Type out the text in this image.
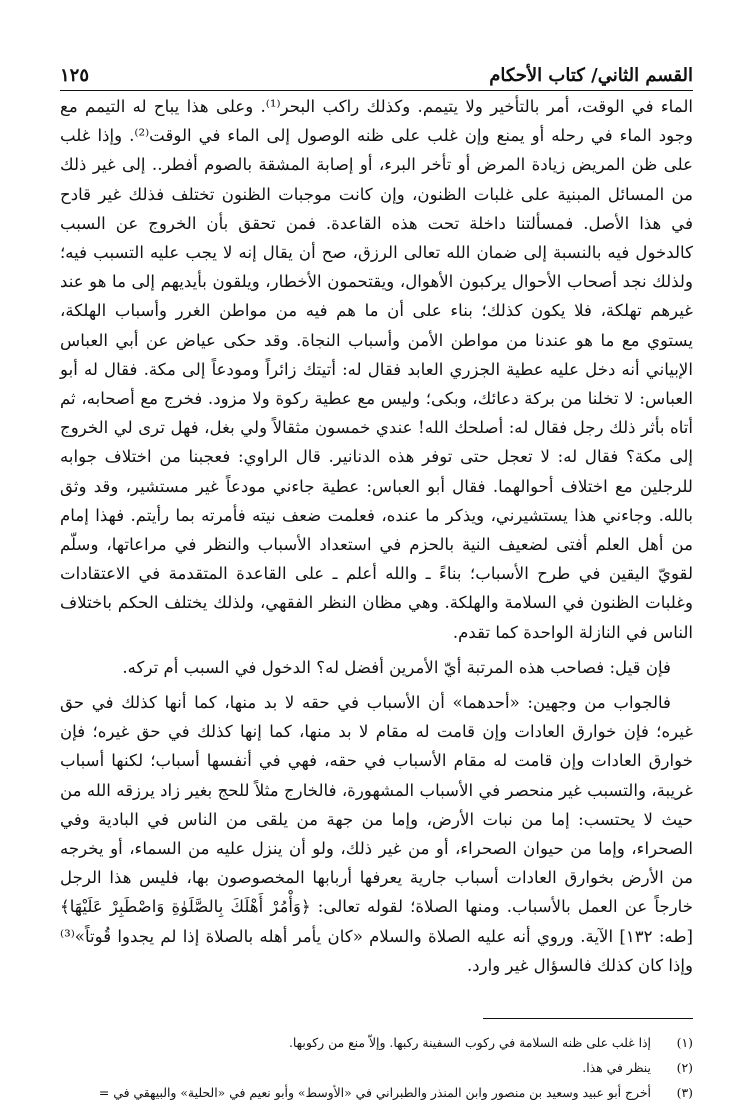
القسم الثاني/ كتاب الأحكام
١٢٥

الماء في الوقت، أمر بالتأخير ولا يتيمم. وكذلك راكب البحر⁽¹⁾. وعلى هذا يباح له التيمم مع وجود الماء في رحله أو يمنع وإن غلب على ظنه الوصول إلى الماء في الوقت⁽²⁾. وإذا غلب على ظن المريض زيادة المرض أو تأخر البرء، أو إصابة المشقة بالصوم أفطر.. إلى غير ذلك من المسائل المبنية على غلبات الظنون، وإن كانت موجبات الظنون تختلف فذلك غير قادح في هذا الأصل. فمسألتنا داخلة تحت هذه القاعدة. فمن تحقق بأن الخروج عن السبب كالدخول فيه بالنسبة إلى ضمان الله تعالى الرزق، صح أن يقال إنه لا يجب عليه التسبب فيه؛ ولذلك نجد أصحاب الأحوال يركبون الأهوال، ويقتحمون الأخطار، ويلقون بأيديهم إلى ما هو عند غيرهم تهلكة، فلا يكون كذلك؛ بناء على أن ما هم فيه من مواطن الغرر وأسباب الهلكة، يستوي مع ما هو عندنا من مواطن الأمن وأسباب النجاة. وقد حكى عياض عن أبي العباس الإبياني أنه دخل عليه عطية الجزري العابد فقال له: أتيتك زائراً ومودعاً إلى مكة. فقال له أبو العباس: لا تخلنا من بركة دعائك، وبكى؛ وليس مع عطية ركوة ولا مزود. فخرج مع أصحابه، ثم أتاه بأثر ذلك رجل فقال له: أصلحك الله! عندي خمسون مثقالاً ولي بغل، فهل ترى لي الخروج إلى مكة؟ فقال له: لا تعجل حتى توفر هذه الدنانير. قال الراوي: فعجبنا من اختلاف جوابه للرجلين مع اختلاف أحوالهما. فقال أبو العباس: عطية جاءني مودعاً غير مستشير، وقد وثق بالله. وجاءني هذا يستشيرني، ويذكر ما عنده، فعلمت ضعف نيته فأمرته بما رأيتم. فهذا إمام من أهل العلم أفتى لضعيف النية بالحزم في استعداد الأسباب والنظر في مراعاتها، وسلّم لقويّ اليقين في طرح الأسباب؛ بناءً ـ والله أعلم ـ على القاعدة المتقدمة في الاعتقادات وغلبات الظنون في السلامة والهلكة. وهي مظان النظر الفقهي، ولذلك يختلف الحكم باختلاف الناس في النازلة الواحدة كما تقدم.

فإن قيل: فصاحب هذه المرتبة أيّ الأمرين أفضل له؟ الدخول في السبب أم تركه.

فالجواب من وجهين: «أحدهما» أن الأسباب في حقه لا بد منها، كما أنها كذلك في حق غيره؛ فإن خوارق العادات وإن قامت له مقام لا بد منها، كما إنها كذلك في حق غيره؛ فإن خوارق العادات وإن قامت له مقام الأسباب في حقه، فهي في أنفسها أسباب؛ لكنها أسباب غريبة، والتسبب غير منحصر في الأسباب المشهورة، فالخارج مثلاً للحج بغير زاد يرزقه الله من حيث لا يحتسب: إما من نبات الأرض، وإما من جهة من يلقى من الناس في البادية وفي الصحراء، وإما من حيوان الصحراء، أو من غير ذلك، ولو أن ينزل عليه من السماء، أو يخرجه من الأرض بخوارق العادات أسباب جارية يعرفها أربابها المخصوصون بها، فليس هذا الرجل خارجاً عن العمل بالأسباب. ومنها الصلاة؛ لقوله تعالى: ﴿وَأْمُرْ أَهْلَكَ بِالصَّلَوٰةِ وَاصْطَبِرْ عَلَيْهَا﴾ [طه: ١٣٢] الآية. وروي أنه عليه الصلاة والسلام «كان يأمر أهله بالصلاة إذا لم يجدوا قُوتاً»⁽³⁾ وإذا كان كذلك فالسؤال غير وارد.

(١)
إذا غلب على ظنه السلامة في ركوب السفينة ركبها. وإلاّ منع من ركوبها.
(٢)
ينظر في هذا.
(٣)
أخرج أبو عبيد وسعيد بن منصور وابن المنذر والطبراني في «الأوسط» وأبو نعيم في «الحلية» والبيهقي في =
